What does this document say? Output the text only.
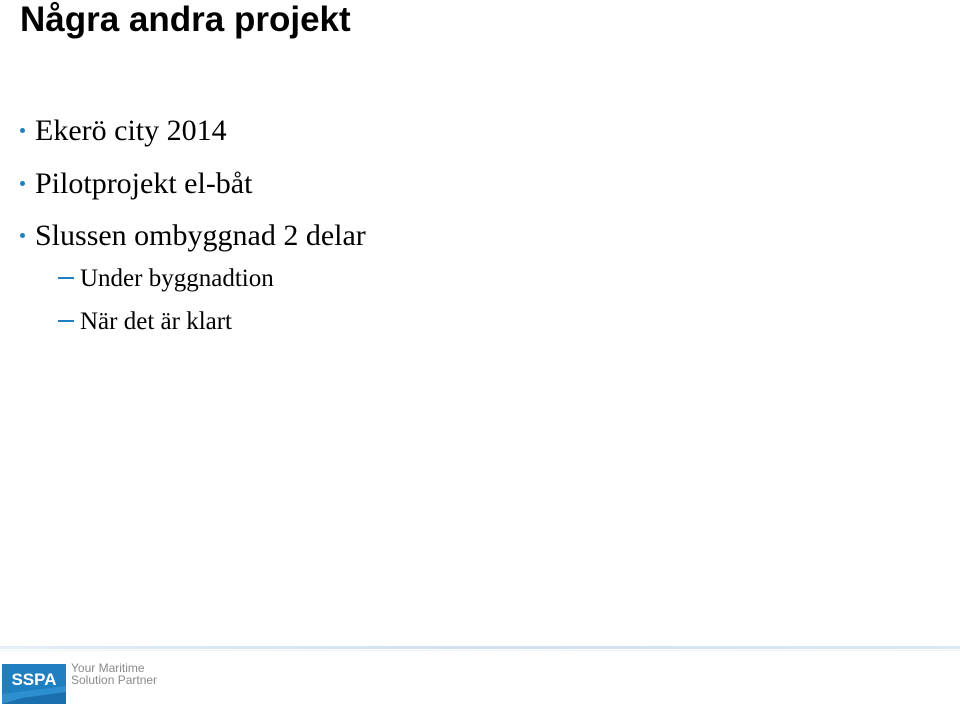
Några andra projekt
Ekerö city 2014
Pilotprojekt el-båt
Slussen ombyggnad 2 delar
Under byggnadtion
När det är klart
SSPA
Your Maritime
Solution Partner
